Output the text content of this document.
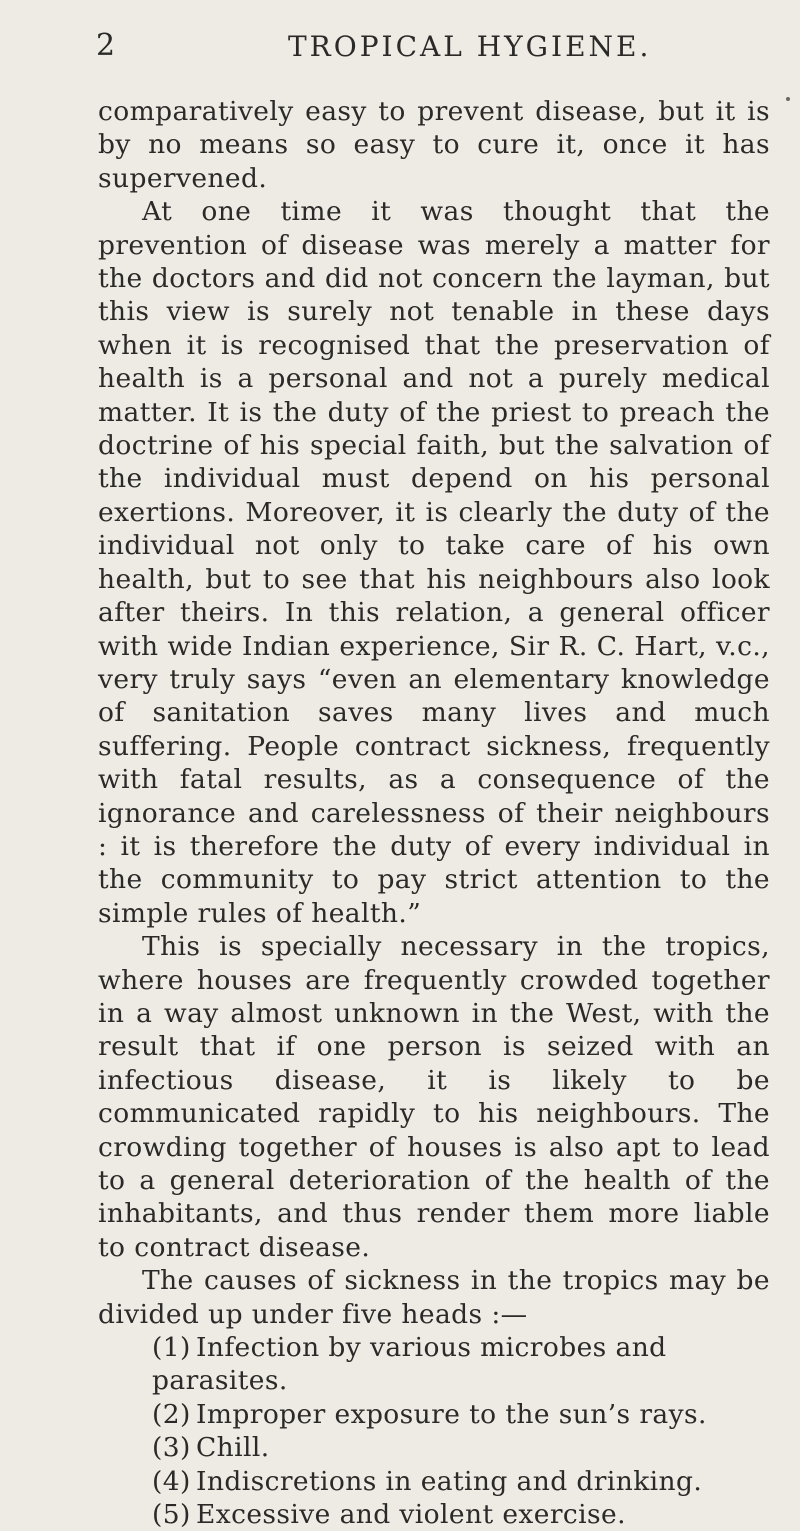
2	TROPICAL HYGIENE.

comparatively easy to prevent disease, but it is by no means so easy to cure it, once it has supervened.

At one time it was thought that the prevention of disease was merely a matter for the doctors and did not concern the layman, but this view is surely not tenable in these days when it is recognised that the preservation of health is a personal and not a purely medical matter. It is the duty of the priest to preach the doctrine of his special faith, but the salvation of the individual must depend on his personal exertions. Moreover, it is clearly the duty of the individual not only to take care of his own health, but to see that his neighbours also look after theirs. In this relation, a general officer with wide Indian experience, Sir R. C. Hart, v.c., very truly says “even an elementary knowledge of sanitation saves many lives and much suffering. People contract sickness, frequently with fatal results, as a consequence of the ignorance and carelessness of their neighbours : it is therefore the duty of every individual in the community to pay strict attention to the simple rules of health.”

This is specially necessary in the tropics, where houses are frequently crowded together in a way almost unknown in the West, with the result that if one person is seized with an infectious disease, it is likely to be communicated rapidly to his neighbours. The crowding together of houses is also apt to lead to a general deterioration of the health of the inhabitants, and thus render them more liable to contract disease.

The causes of sickness in the tropics may be divided up under five heads :—

(1) Infection by various microbes and parasites.
(2) Improper exposure to the sun’s rays.
(3) Chill.
(4) Indiscretions in eating and drinking.
(5) Excessive and violent exercise.
